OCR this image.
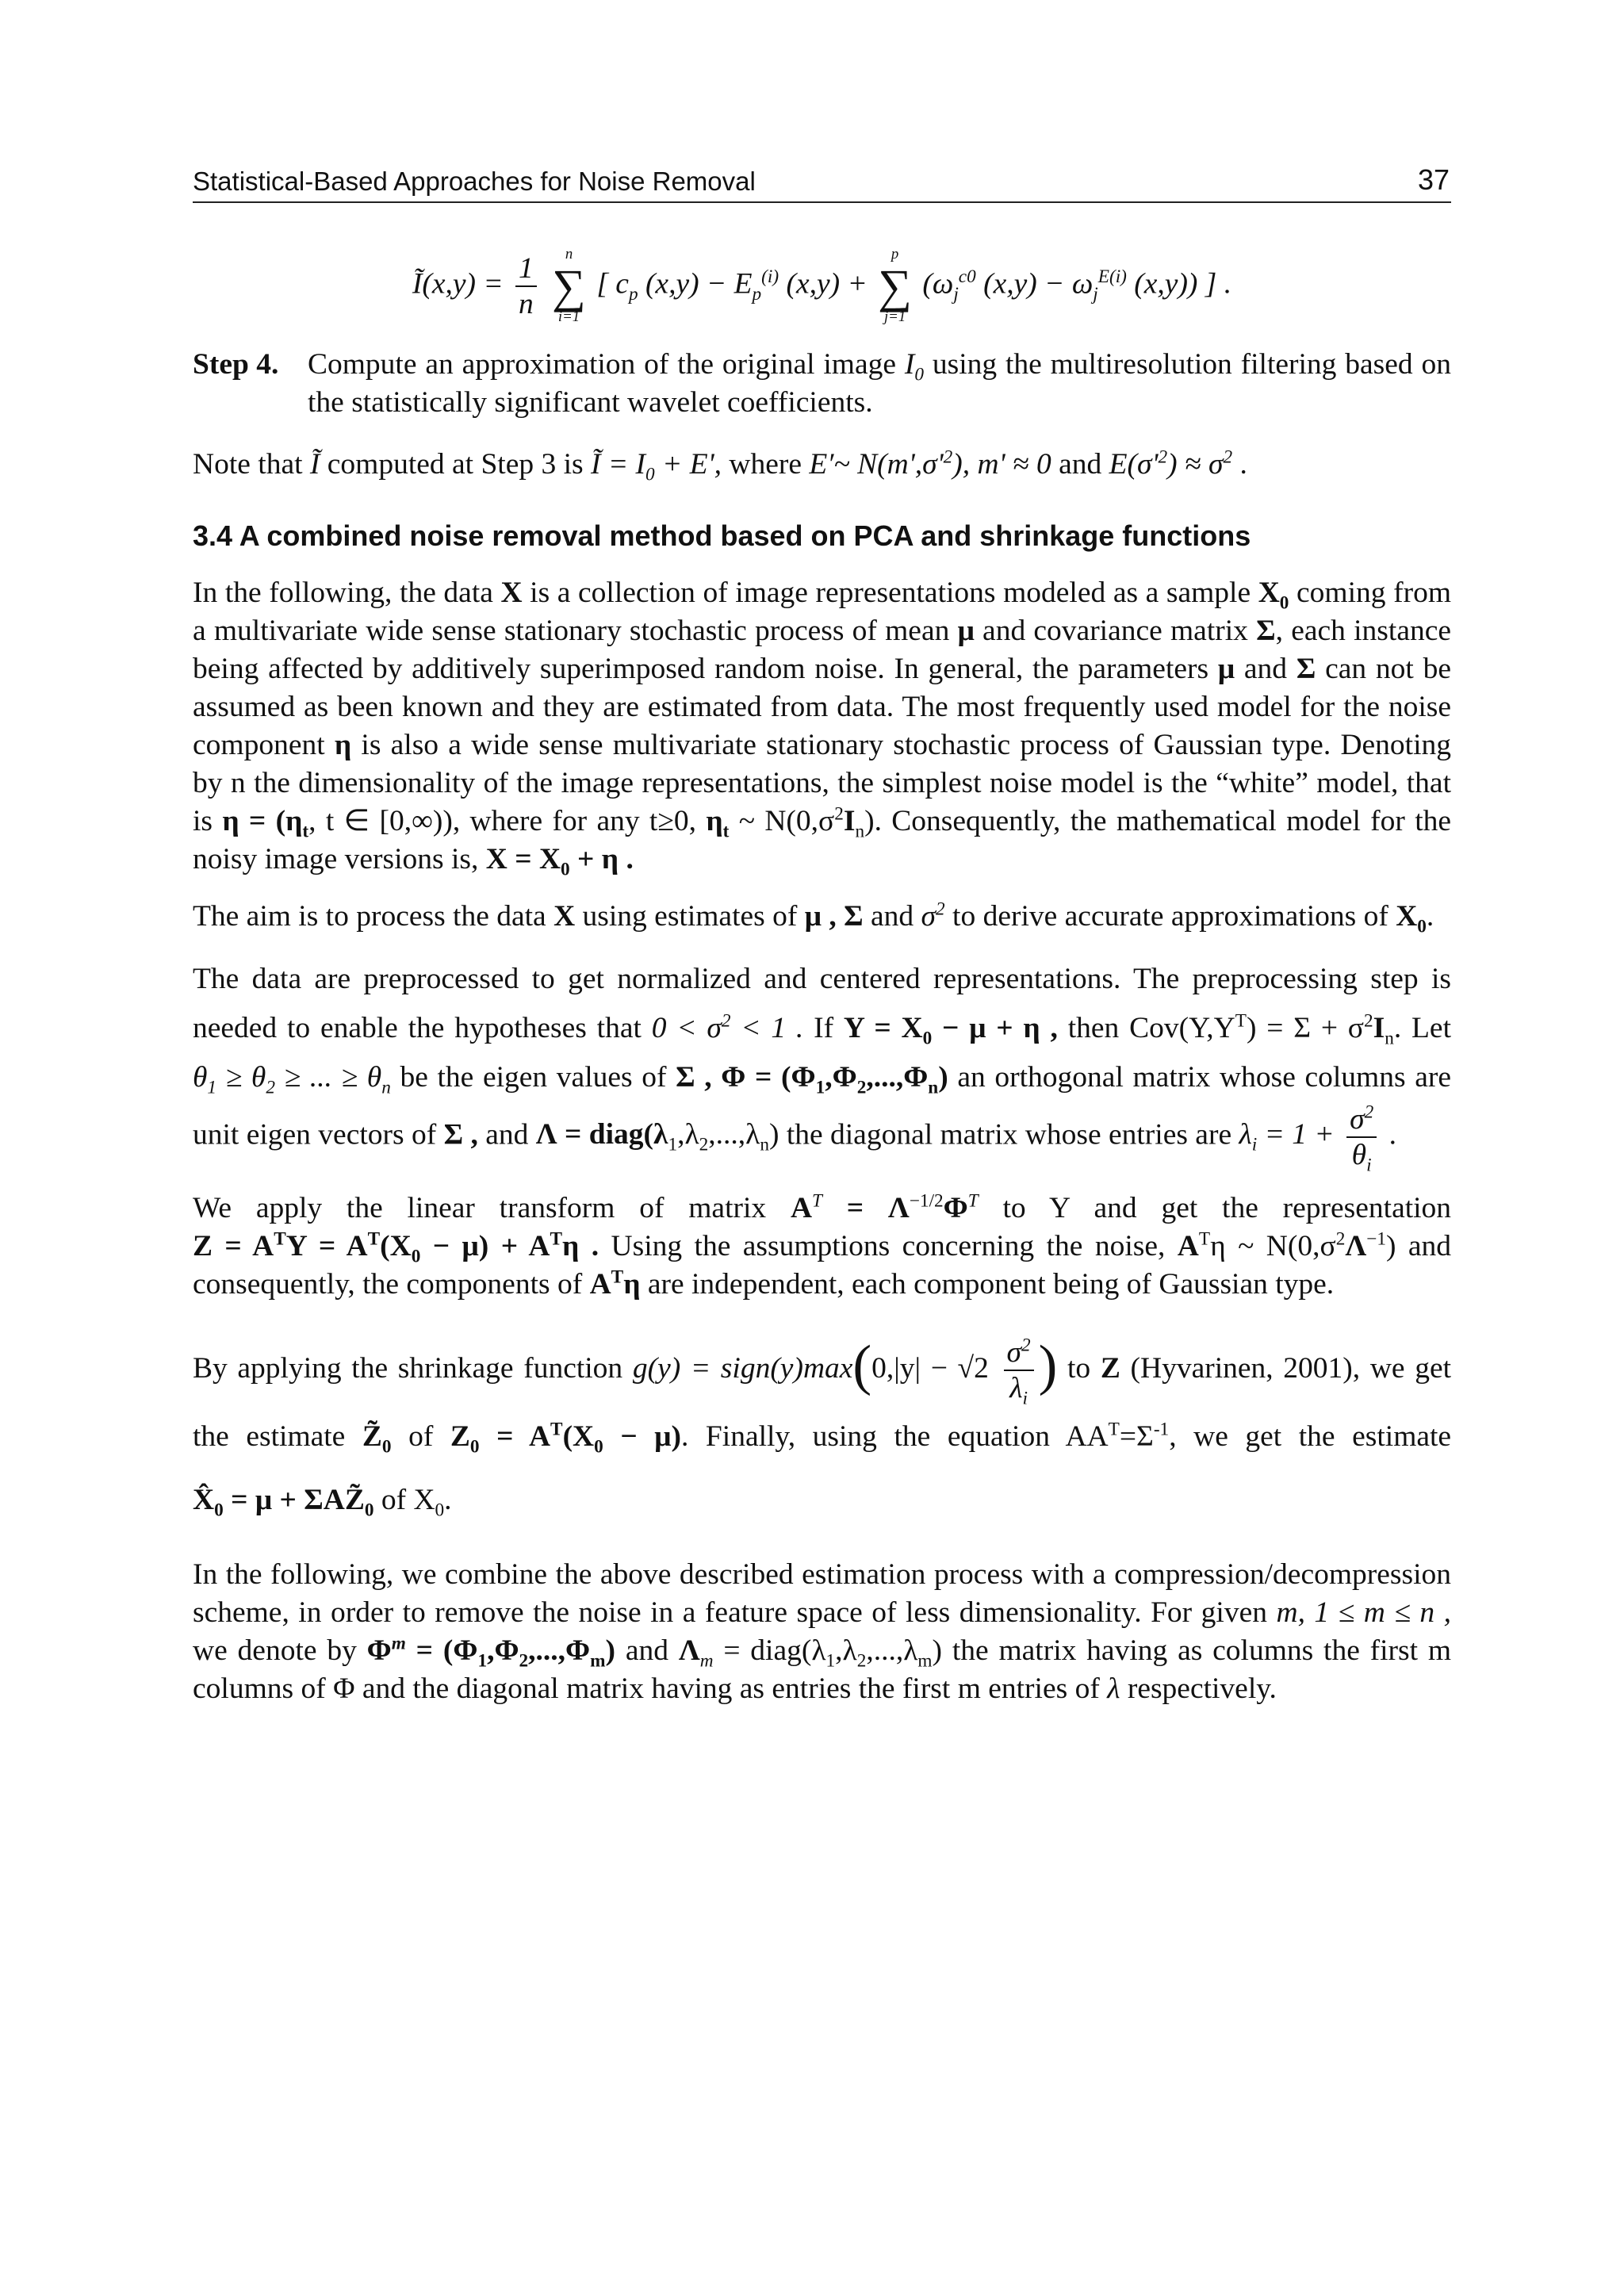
Statistical-Based Approaches for Noise Removal	37

Ĩ(x,y) = $\frac{1}{n}$
	n
∑
i=1
[ $c_p$ $(x,y) - E_p^{(i)}$ (x,y) +
p
∑
j=1
($\omega_j^{c0}$ $(x,y) - \omega_j^{E(i)}$ (x,y)) ] .

Step 4. Compute an approximation of the original image $I_0$ using the multiresolution filtering based on the statistically significant wavelet coefficients.

Note that Ĩ computed at Step 3 is Ĩ = $I_0 + E'$, where E′~ $N(m',\sigma'^2)$, m' ≈ 0 and $E(\sigma'^2) \approx \sigma^2$ .

3.4 A combined noise removal method based on PCA and shrinkage functions

In the following, the data X is a collection of image representations modeled as a sample $X_0$ coming from a multivariate wide sense stationary stochastic process of mean μ and covariance matrix Σ, each instance being affected by additively superimposed random noise. In general, the parameters μ and Σ can not be assumed as been known and they are estimated from data. The most frequently used model for the noise component η is also a wide sense multivariate stationary stochastic process of Gaussian type. Denoting by n the dimensionality of the image representations, the simplest noise model is the “white” model, that is $\eta = (\eta_t$, t ∈ [0,∞)), where for any t≥0, $\eta_t$ ~ $N(0,\sigma^2I_n)$. Consequently, the mathematical model for the noisy image versions is, $X = X_0 + \eta$ .

The aim is to process the data X using estimates of μ , Σ and $\sigma^2$ to derive accurate approximations of $X_0$.

The data are preprocessed to get normalized and centered representations. The preprocessing step is needed to enable the hypotheses that $0 < \sigma^2 < 1$ . If $Y = X_0 - \mu + \eta$ , then $Cov(Y,Y^T) = \Sigma + \sigma^2I_n$. Let $\theta_1 \ge \theta_2$ ≥ ... ≥ $\theta_n$ be the eigen values of Σ , $\Phi = (\Phi_1,\Phi_2,...,\Phi_n)$ an orthogonal matrix whose columns are unit eigen vectors of Σ , and $\Lambda = diag(\lambda_1,\lambda_2,...,\lambda_n)$ the diagonal matrix whose entries are $\lambda_i = 1 + \frac{\sigma^2}{\theta_i}$ .

We apply the linear transform of matrix $A^T = \Lambda^{-1/2}\Phi^T$ to Y and get the representation $Z = A^TY = A^T(X_0 - \mu) + A^T\eta$ . Using the assumptions concerning the noise, $A^T\eta$ ~ $N(0,\sigma^2\Lambda^{-1})$ and consequently, the components of $A^T\eta$ are independent, each component being of Gaussian type.

By applying the shrinkage function g(y) = sign(y)max(0,|y| − $√2 \frac{\sigma^2}{\lambda_i}$ ) to Z (Hyvarinen, 2001), we get the estimate $Z̃_0$ of $Z_0 = A^T(X_0 - \mu)$. Finally, using the equation $AA^T=\Sigma^{-1}$, we get the estimate $X̂_0 = \mu$ + $\Sigma AZ̃_0$ of $X_0$.

In the following, we combine the above described estimation process with a compression/decompression scheme, in order to remove the noise in a feature space of less dimensionality. For given m, 1 ≤ m ≤ n , we denote by $\Phi^m = (\Phi_1,\Phi_2,...,\Phi_m)$ and $\Lambda_m$ = $diag(\lambda_1,\lambda_2,...,\lambda_m)$ the matrix having as columns the first m columns of Φ and the diagonal matrix having as entries the first m entries of λ respectively.
